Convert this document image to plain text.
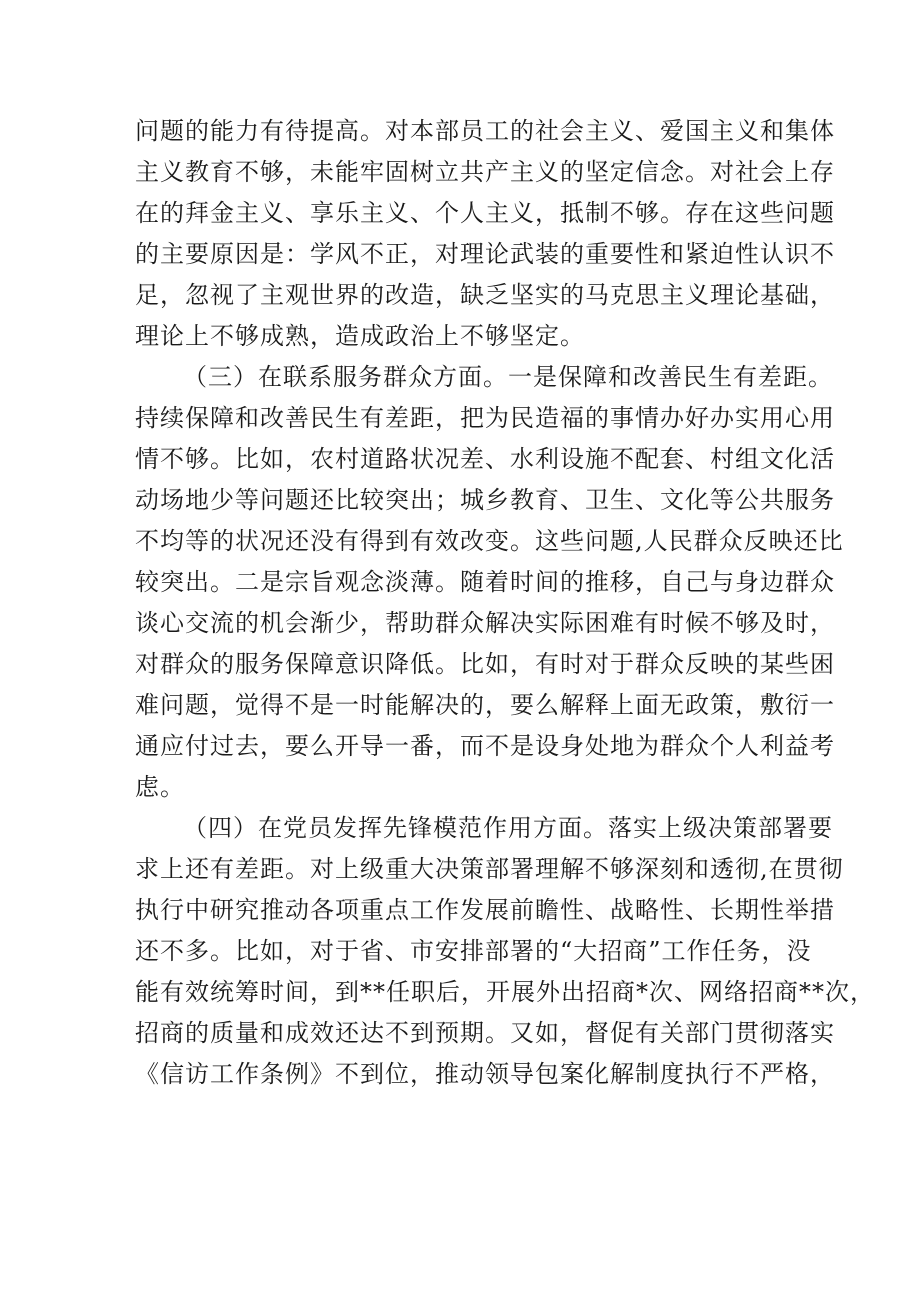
问题的能力有待提高。对本部员工的社会主义、爱国主义和集体
主义教育不够，未能牢固树立共产主义的坚定信念。对社会上存
在的拜金主义、享乐主义、个人主义，抵制不够。存在这些问题
的主要原因是：学风不正，对理论武装的重要性和紧迫性认识不
足，忽视了主观世界的改造，缺乏坚实的马克思主义理论基础，
理论上不够成熟，造成政治上不够坚定。
（三）在联系服务群众方面。一是保障和改善民生有差距。
持续保障和改善民生有差距，把为民造福的事情办好办实用心用
情不够。比如，农村道路状况差、水利设施不配套、村组文化活
动场地少等问题还比较突出；城乡教育、卫生、文化等公共服务
不均等的状况还没有得到有效改变。这些问题,人民群众反映还比
较突出。二是宗旨观念淡薄。随着时间的推移，自己与身边群众
谈心交流的机会渐少，帮助群众解决实际困难有时候不够及时，
对群众的服务保障意识降低。比如，有时对于群众反映的某些困
难问题，觉得不是一时能解决的，要么解释上面无政策，敷衍一
通应付过去，要么开导一番，而不是设身处地为群众个人利益考
虑。
（四）在党员发挥先锋模范作用方面。落实上级决策部署要
求上还有差距。对上级重大决策部署理解不够深刻和透彻,在贯彻
执行中研究推动各项重点工作发展前瞻性、战略性、长期性举措
还不多。比如，对于省、市安排部署的“大招商”工作任务，没
能有效统筹时间，到**任职后，开展外出招商*次、网络招商**次，
招商的质量和成效还达不到预期。又如，督促有关部门贯彻落实
《信访工作条例》不到位，推动领导包案化解制度执行不严格，
